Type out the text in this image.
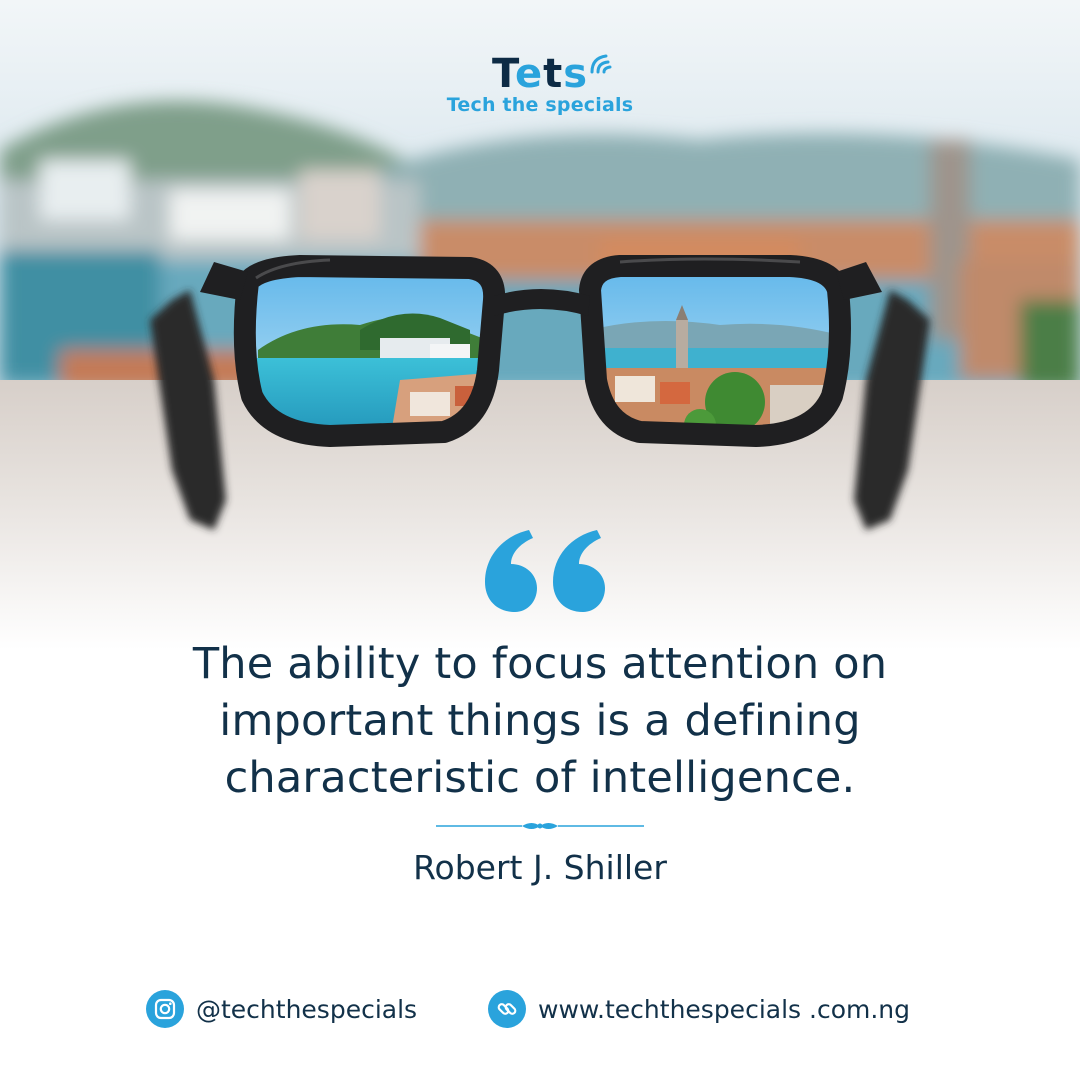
Tets
Tech the specials
The ability to focus attention on
important things is a defining
characteristic of intelligence.
Robert J. Shiller
@techthespecials	www.techthespecials .com.ng
